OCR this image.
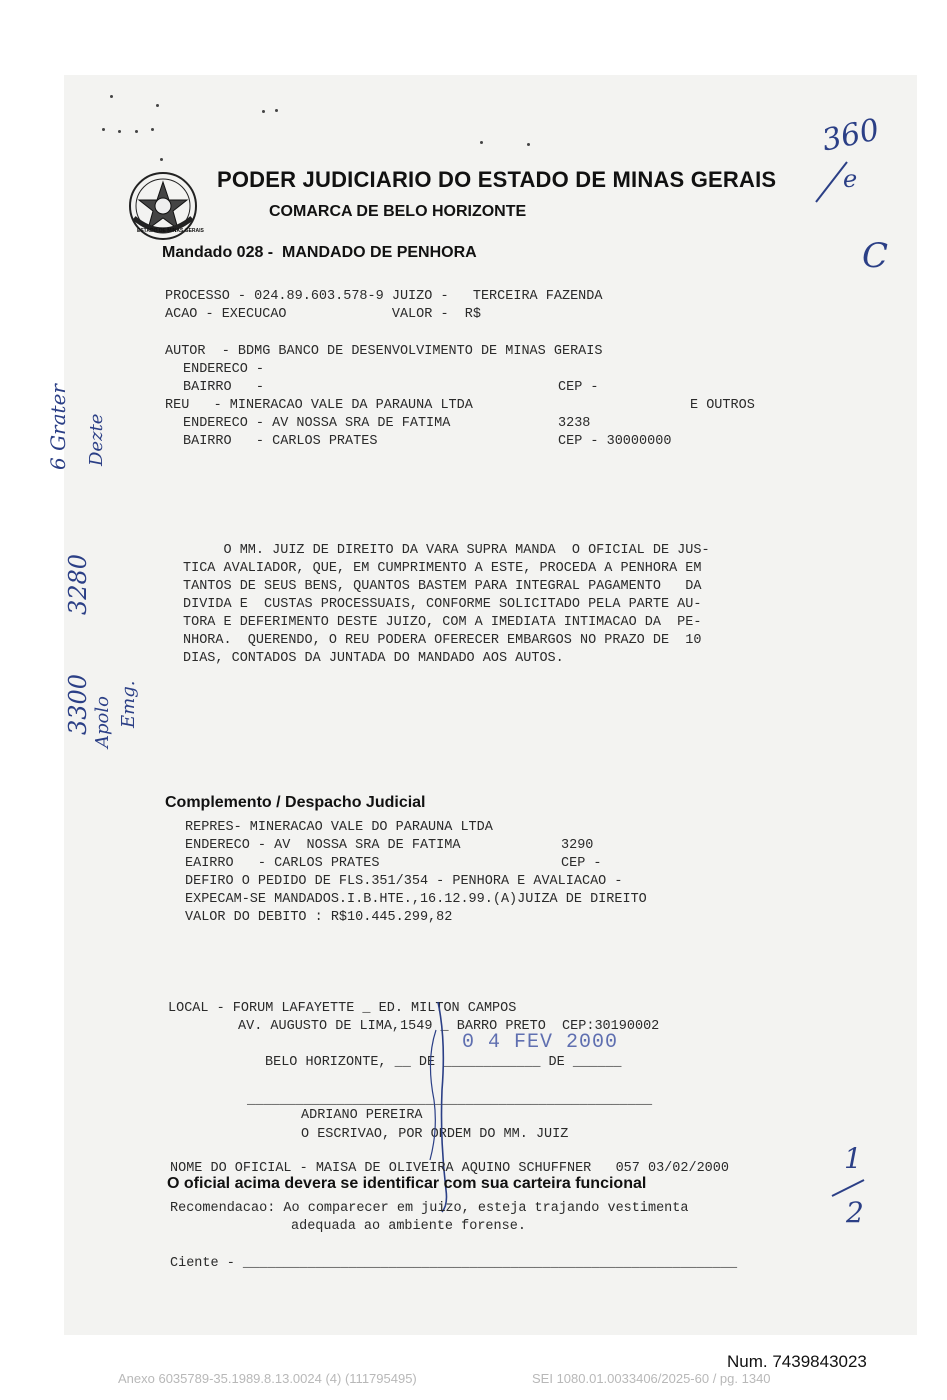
ESTADO DE MINAS GERAIS
PODER JUDICIARIO DO ESTADO DE MINAS GERAIS
COMARCA DE BELO HORIZONTE
Mandado 028 -  MANDADO DE PENHORA
PROCESSO - 024.89.603.578-9 JUIZO -   TERCEIRA FAZENDA
ACAO - EXECUCAO             VALOR -  R$
AUTOR  - BDMG BANCO DE DESENVOLVIMENTO DE MINAS GERAIS
ENDERECO -
BAIRRO   -	CEP -
REU   - MINERACAO VALE DA PARAUNA LTDA	E OUTROS
ENDERECO - AV NOSSA SRA DE FATIMA	3238
BAIRRO   - CARLOS PRATES	CEP - 30000000
O MM. JUIZ DE DIREITO DA VARA SUPRA MANDA  O OFICIAL DE JUS-
TICA AVALIADOR, QUE, EM CUMPRIMENTO A ESTE, PROCEDA A PENHORA EM
TANTOS DE SEUS BENS, QUANTOS BASTEM PARA INTEGRAL PAGAMENTO   DA
DIVIDA E  CUSTAS PROCESSUAIS, CONFORME SOLICITADO PELA PARTE AU-
TORA E DEFERIMENTO DESTE JUIZO, COM A IMEDIATA INTIMACAO DA  PE-
NHORA.  QUERENDO, O REU PODERA OFERECER EMBARGOS NO PRAZO DE  10
DIAS, CONTADOS DA JUNTADA DO MANDADO AOS AUTOS.
Complemento / Despacho Judicial
REPRES- MINERACAO VALE DO PARAUNA LTDA
ENDERECO - AV  NOSSA SRA DE FATIMA	3290
EAIRRO   - CARLOS PRATES	CEP -
DEFIRO O PEDIDO DE FLS.351/354 - PENHORA E AVALIACAO -
EXPECAM-SE MANDADOS.I.B.HTE.,16.12.99.(A)JUIZA DE DIREITO
VALOR DO DEBITO : R$10.445.299,82
LOCAL - FORUM LAFAYETTE _ ED. MILTON CAMPOS
AV. AUGUSTO DE LIMA,1549 _ BARRO PRETO  CEP:30190002
0 4 FEV 2000
BELO HORIZONTE, __ DE ____________ DE ______
__________________________________________________
ADRIANO PEREIRA
O ESCRIVAO, POR ORDEM DO MM. JUIZ
NOME DO OFICIAL - MAISA DE OLIVEIRA AQUINO SCHUFFNER   057 03/02/2000
O oficial acima devera se identificar com sua carteira funcional
Recomendacao: Ao comparecer em juizo, esteja trajando vestimenta
adequada ao ambiente forense.
Ciente - _____________________________________________________________
360
e
C
6 Grater Dezte
3280
3300 Apolo Emg.
1
2
Num. 7439843023
Anexo 6035789-35.1989.8.13.0024 (4) (111795495)	SEI 1080.01.0033406/2025-60 / pg. 1340
